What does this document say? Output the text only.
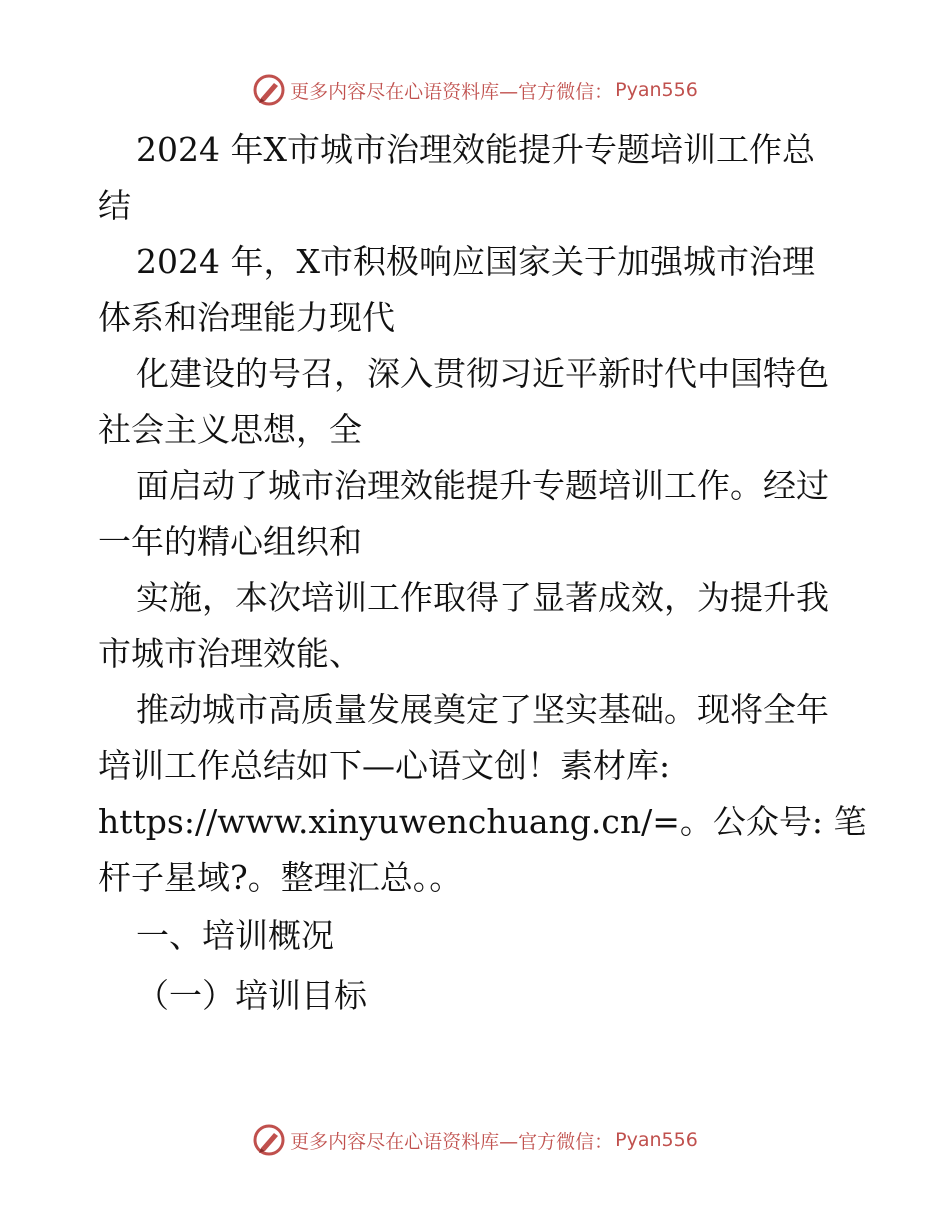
更多内容尽在心语资料库—官方微信： Pyan556

2024 年X市城市治理效能提升专题培训工作总

结

2024 年，X市积极响应国家关于加强城市治理

体系和治理能力现代

化建设的号召，深入贯彻习近平新时代中国特色

社会主义思想，全

面启动了城市治理效能提升专题培训工作。经过

一年的精心组织和

实施，本次培训工作取得了显著成效，为提升我

市城市治理效能、

推动城市高质量发展奠定了坚实基础。现将全年

培训工作总结如下—心语文创！素材库:

https://www.xinyuwenchuang.cn/=。公众号: 笔

杆子星域?。整理汇总。。

一、培训概况

（一）培训目标

更多内容尽在心语资料库—官方微信： Pyan556
